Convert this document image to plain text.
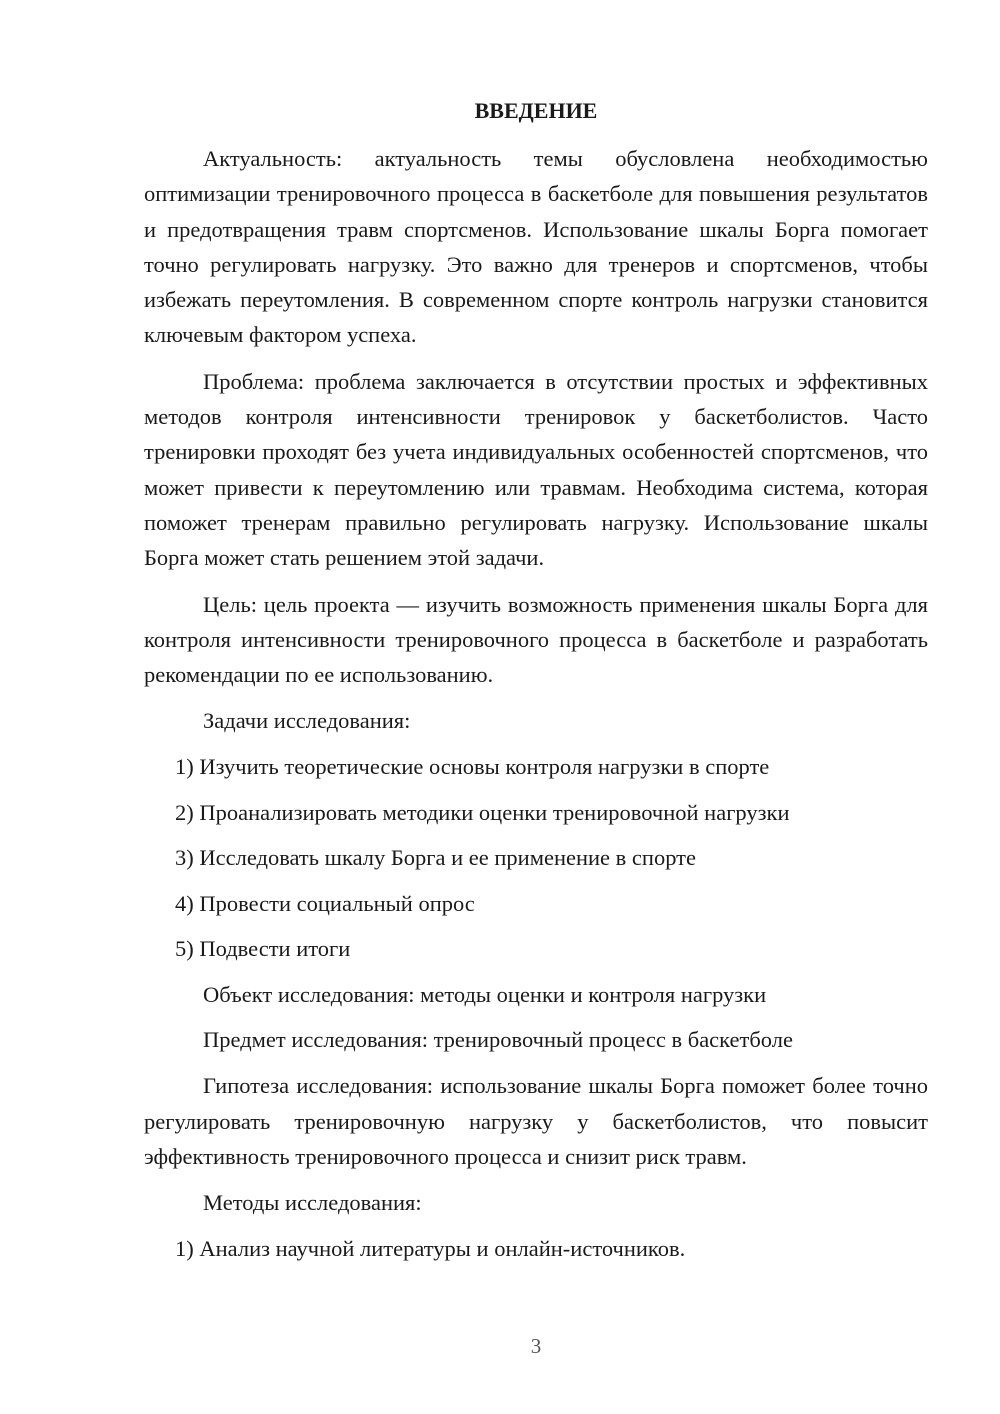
ВВЕДЕНИЕ

Актуальность: актуальность темы обусловлена необходимостью оптимизации тренировочного процесса в баскетболе для повышения результатов и предотвращения травм спортсменов. Использование шкалы Борга помогает точно регулировать нагрузку. Это важно для тренеров и спортсменов, чтобы избежать переутомления. В современном спорте контроль нагрузки становится ключевым фактором успеха.

Проблема: проблема заключается в отсутствии простых и эффективных методов контроля интенсивности тренировок у баскетболистов. Часто тренировки проходят без учета индивидуальных особенностей спортсменов, что может привести к переутомлению или травмам. Необходима система, которая поможет тренерам правильно регулировать нагрузку. Использование шкалы Борга может стать решением этой задачи.

Цель: цель проекта — изучить возможность применения шкалы Борга для контроля интенсивности тренировочного процесса в баскетболе и разработать рекомендации по ее использованию.

Задачи исследования:
1) Изучить теоретические основы контроля нагрузки в спорте
2) Проанализировать методики оценки тренировочной нагрузки
3) Исследовать шкалу Борга и ее применение в спорте
4) Провести социальный опрос
5) Подвести итоги
Объект исследования: методы оценки и контроля нагрузки
Предмет исследования: тренировочный процесс в баскетболе

Гипотеза исследования: использование шкалы Борга поможет более точно регулировать тренировочную нагрузку у баскетболистов, что повысит эффективность тренировочного процесса и снизит риск травм.

Методы исследования:
1) Анализ научной литературы и онлайн-источников.
3
